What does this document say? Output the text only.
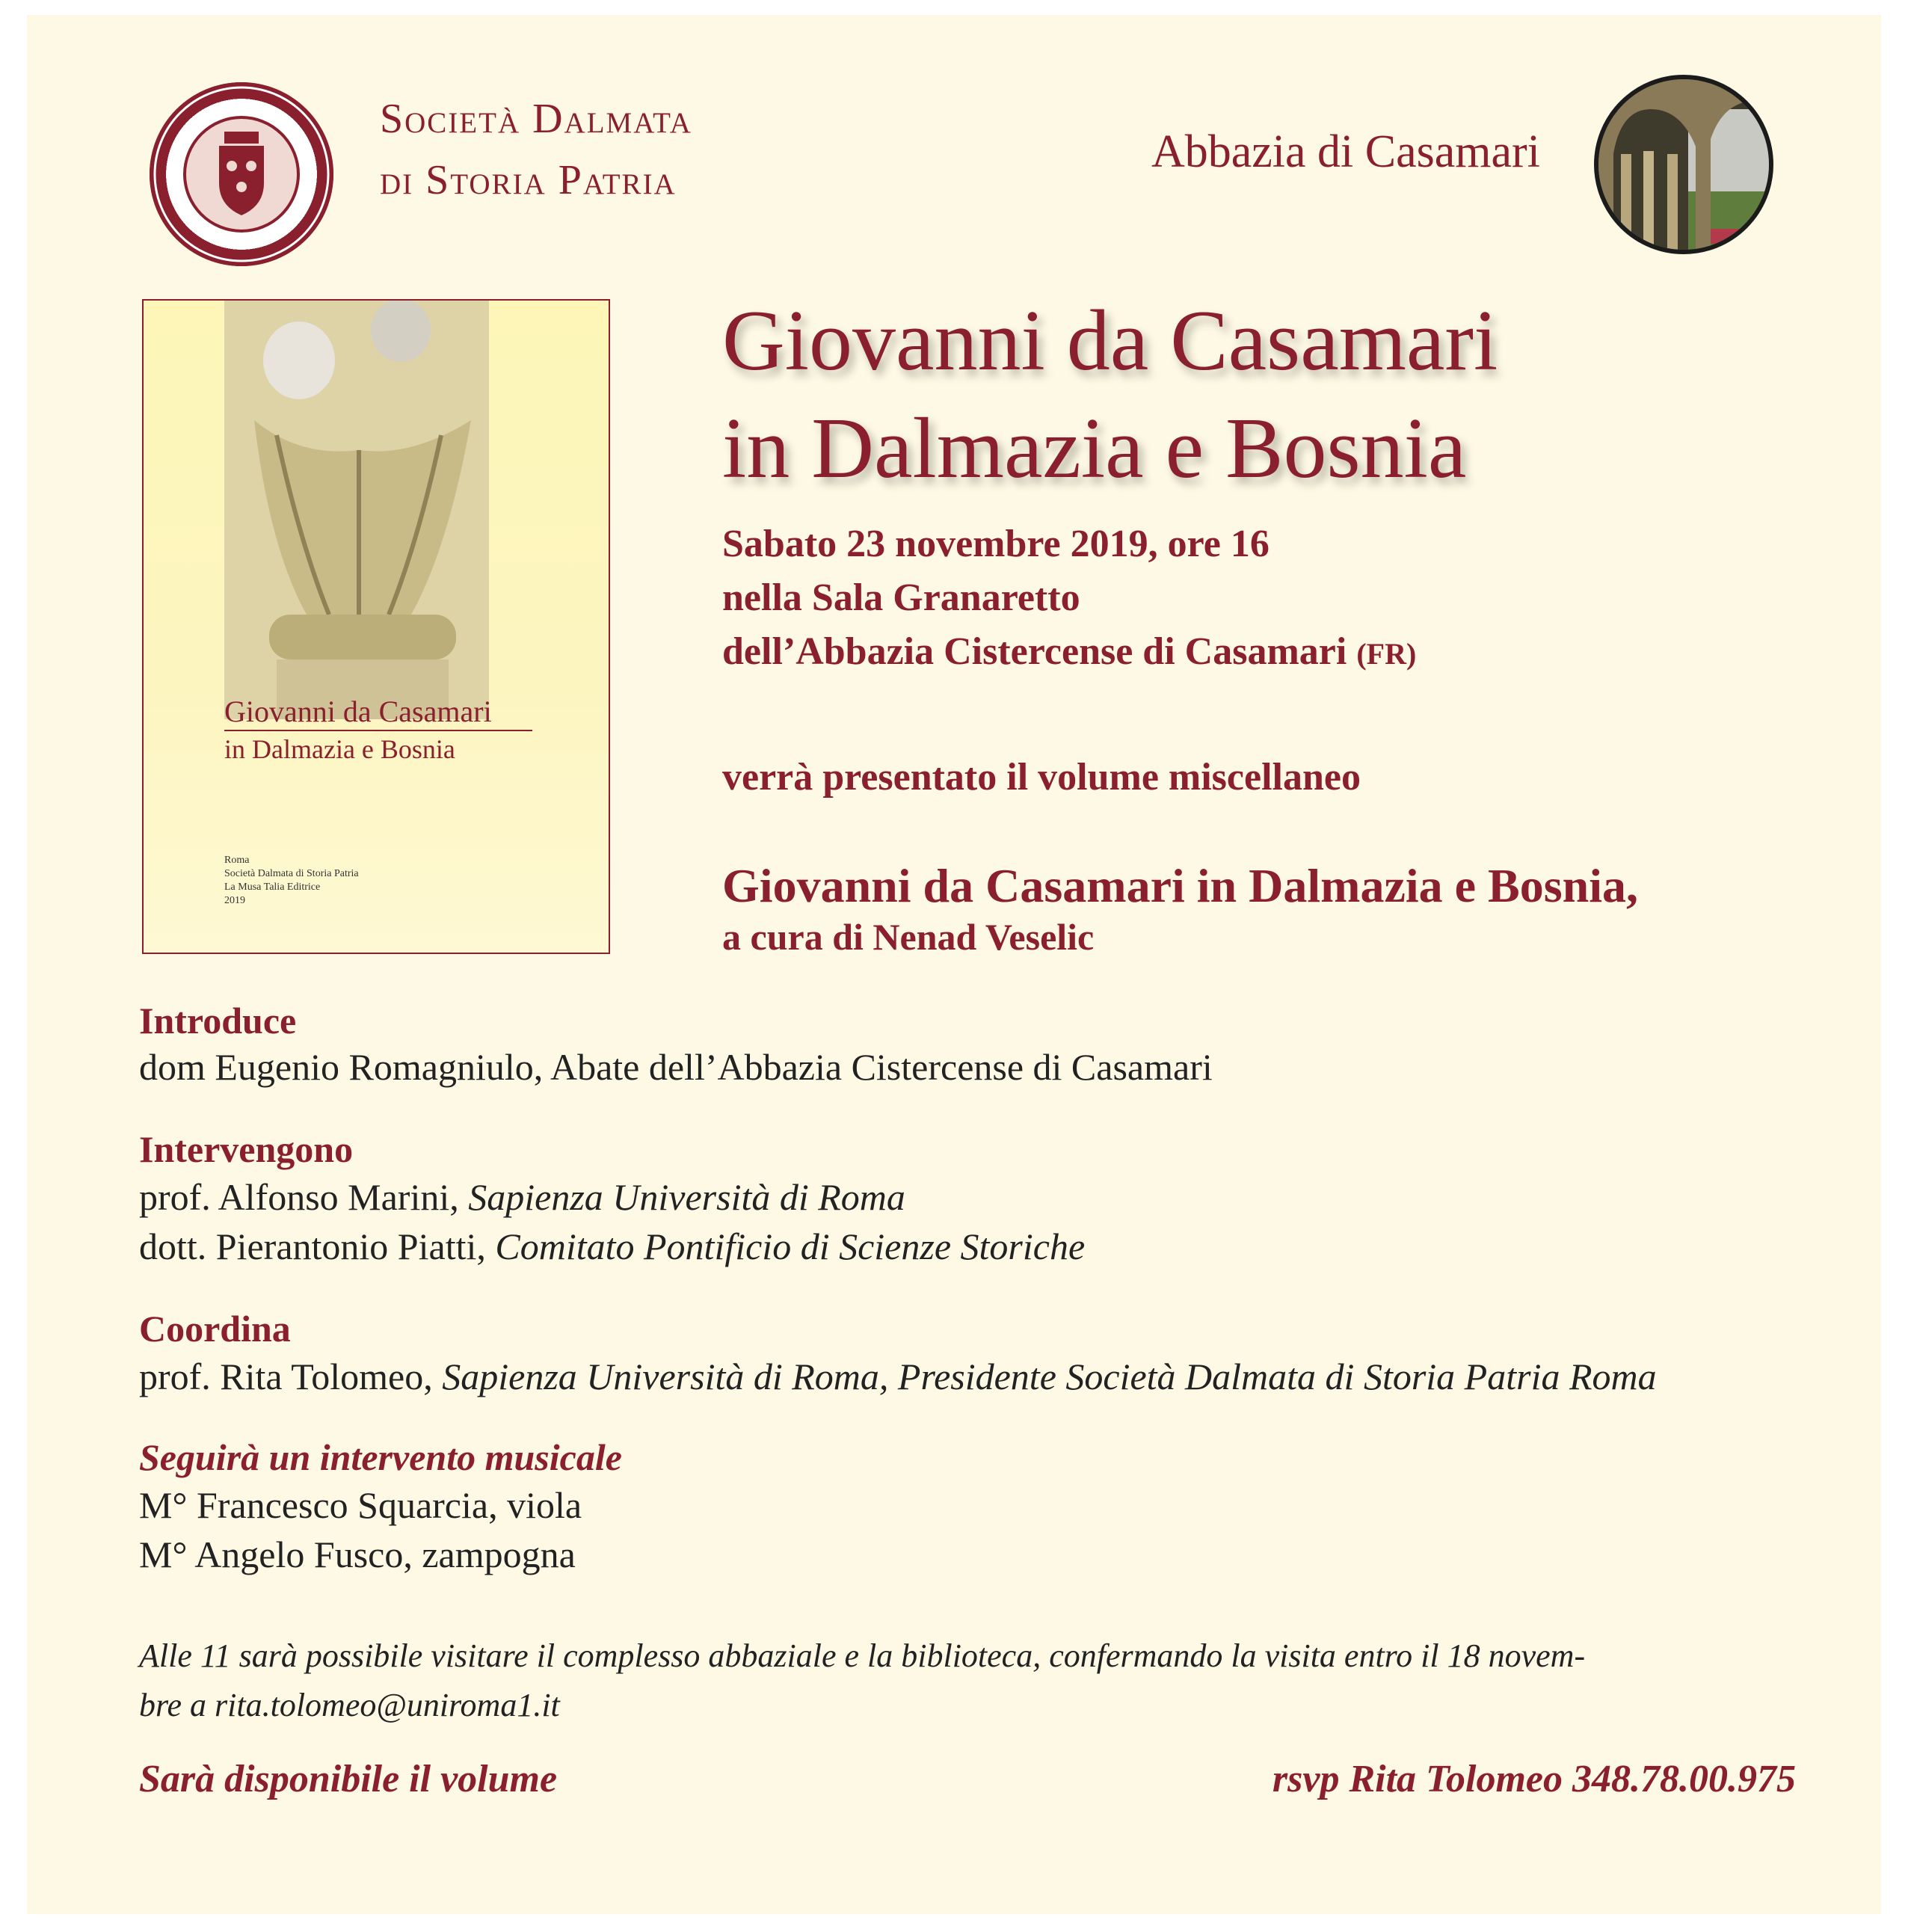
Società Dalmata
di Storia Patria
Abbazia di Casamari
Giovanni da Casamari
in Dalmazia e Bosnia
Roma
Società Dalmata di Storia Patria
La Musa Talia Editrice
2019
Giovanni da Casamari
in Dalmazia e Bosnia
Sabato 23 novembre 2019, ore 16
nella Sala Granaretto
dell’Abbazia Cistercense di Casamari (FR)
verrà presentato il volume miscellaneo
Giovanni da Casamari in Dalmazia e Bosnia,
a cura di Nenad Veselic
Introduce
dom Eugenio Romagniulo, Abate dell’Abbazia Cistercense di Casamari
Intervengono
prof. Alfonso Marini, Sapienza Università di Roma
dott. Pierantonio Piatti, Comitato Pontificio di Scienze Storiche
Coordina
prof. Rita Tolomeo, Sapienza Università di Roma, Presidente Società Dalmata di Storia Patria Roma
Seguirà un intervento musicale
M° Francesco Squarcia, viola
M° Angelo Fusco, zampogna
Alle 11 sarà possibile visitare il complesso abbaziale e la biblioteca, confermando la visita entro il 18 novem-
bre a rita.tolomeo@uniroma1.it
Sarà disponibile il volume	rsvp Rita Tolomeo 348.78.00.975
